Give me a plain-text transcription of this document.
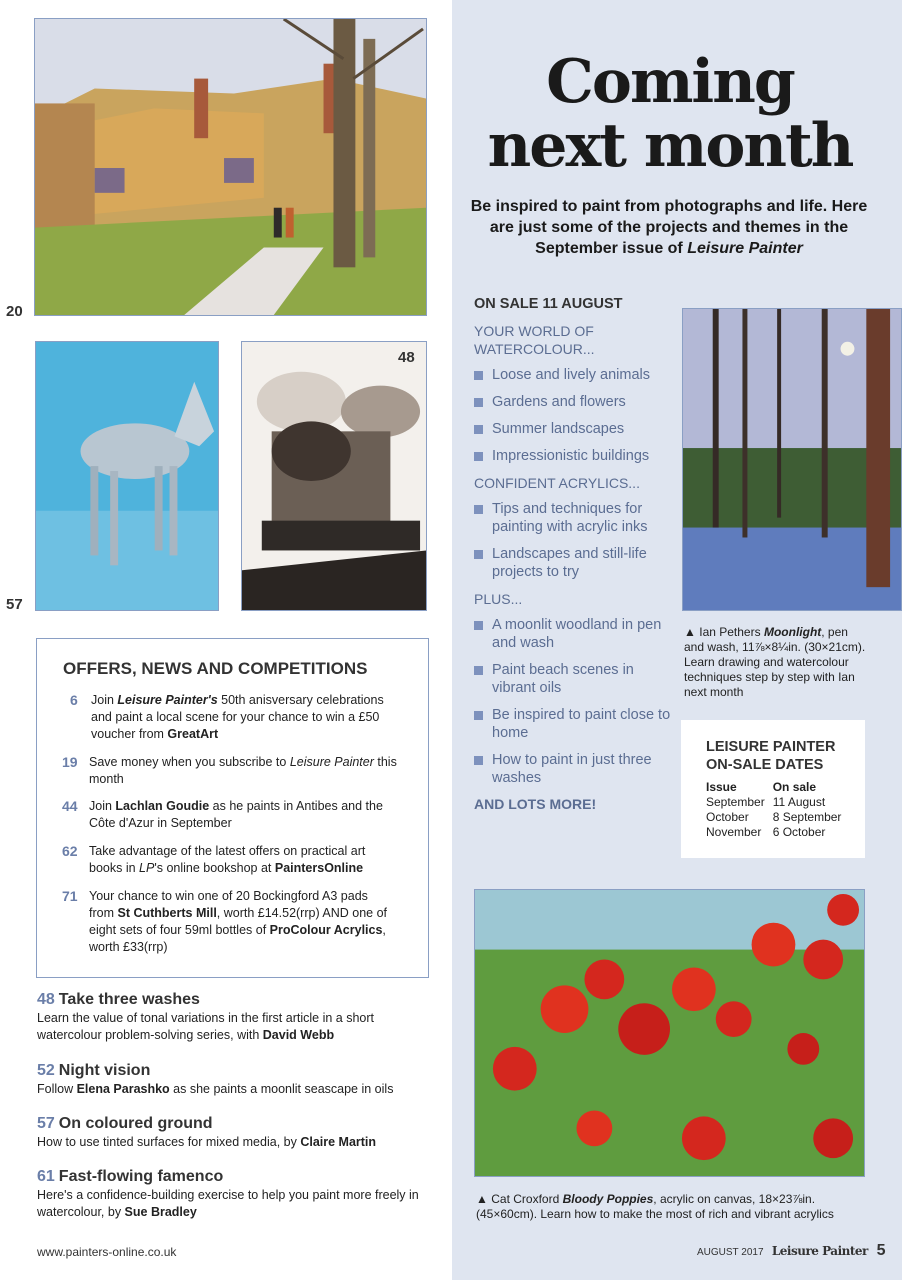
20
57
48
Coming
next month
Be inspired to paint from photographs and life. Here are just some of the projects and themes in the September issue of Leisure Painter
ON SALE 11 AUGUST
YOUR WORLD OF WATERCOLOUR...
Loose and lively animals
Gardens and flowers
Summer landscapes
Impressionistic buildings
CONFIDENT ACRYLICS...
Tips and techniques for painting with acrylic inks
Landscapes and still-life projects to try
PLUS...
A moonlit woodland in pen and wash
Paint beach scenes in vibrant oils
Be inspired to paint close to home
How to paint in just three washes
AND LOTS MORE!
▲ Ian Pethers Moonlight, pen and wash, 11⅞×8¼in. (30×21cm). Learn drawing and watercolour techniques step by step with Ian next month
LEISURE PAINTER
ON-SALE DATES
Issue	On sale
September	11 August
October	8 September
November	6 October
▲ Cat Croxford Bloody Poppies, acrylic on canvas, 18×23⅞in. (45×60cm). Learn how to make the most of rich and vibrant acrylics
OFFERS, NEWS AND COMPETITIONS
6 Join Leisure Painter's 50th anisversary celebrations and paint a local scene for your chance to win a £50 voucher from GreatArt
19 Save money when you subscribe to Leisure Painter this month
44 Join Lachlan Goudie as he paints in Antibes and the Côte d'Azur in September
62 Take advantage of the latest offers on practical art books in LP's online bookshop at PaintersOnline
71 Your chance to win one of 20 Bockingford A3 pads from St Cuthberts Mill, worth £14.52(rrp) AND one of eight sets of four 59ml bottles of ProColour Acrylics, worth £33(rrp)
48 Take three washes
Learn the value of tonal variations in the first article in a short watercolour problem-solving series, with David Webb
52 Night vision
Follow Elena Parashko as she paints a moonlit seascape in oils
57 On coloured ground
How to use tinted surfaces for mixed media, by Claire Martin
61 Fast-flowing famenco
Here's a confidence-building exercise to help you paint more freely in watercolour, by Sue Bradley
www.painters-online.co.uk	AUGUST 2017 Leisure Painter 5
